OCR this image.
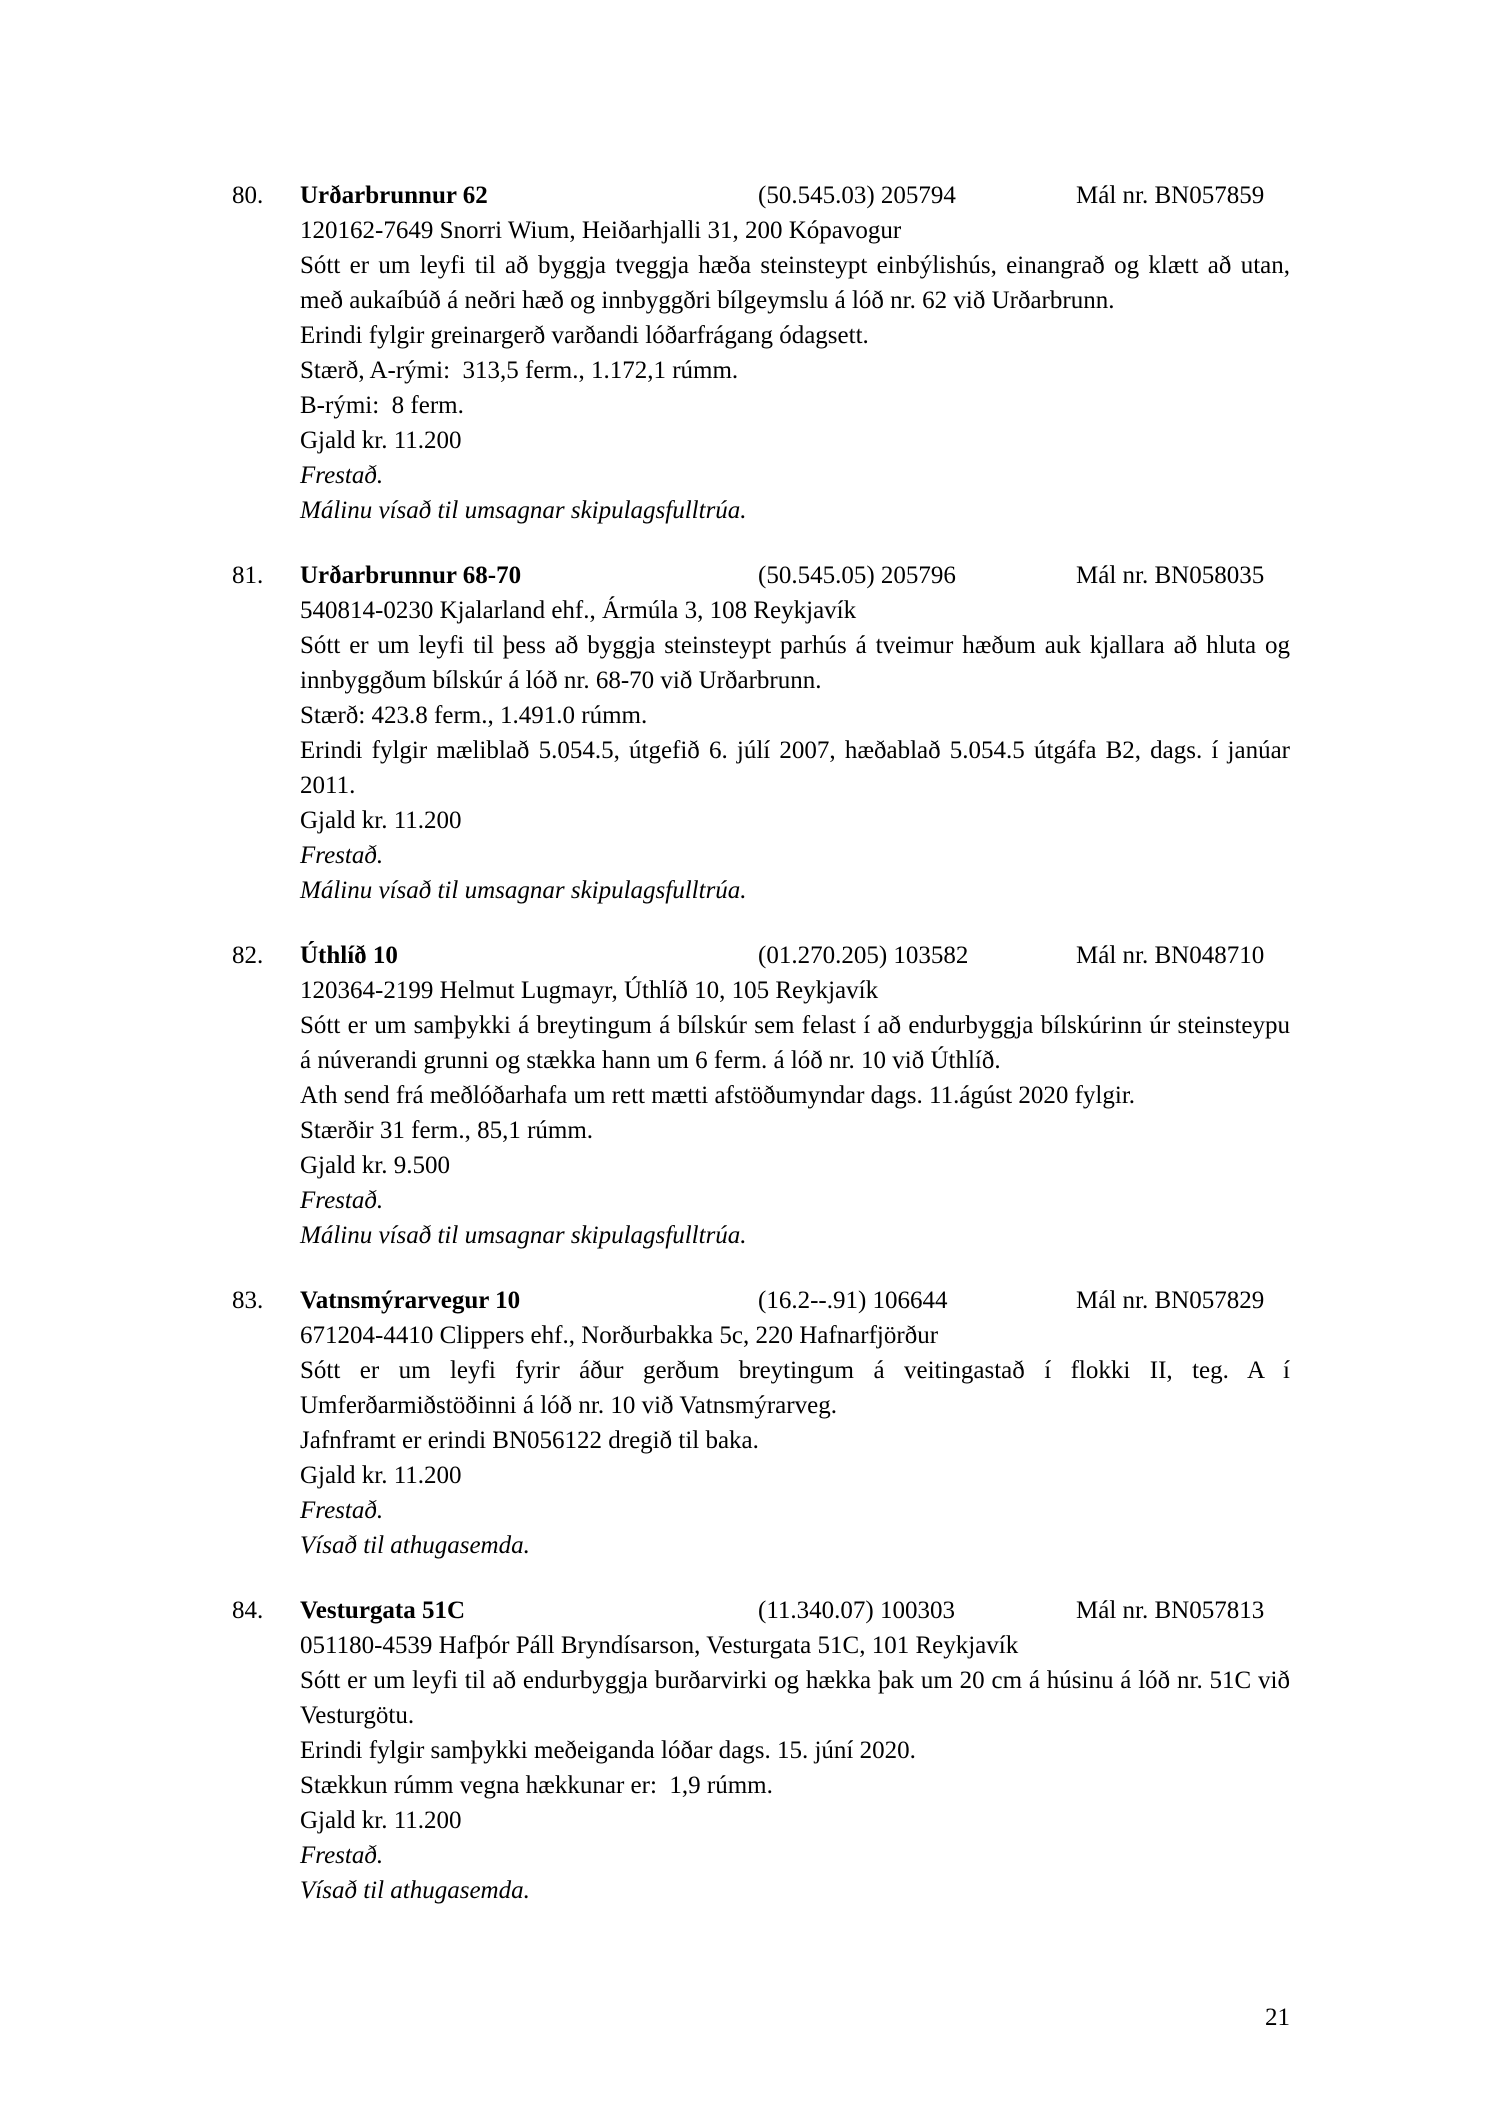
80.	Urðarbrunnur 62	(50.545.03) 205794	Mál nr. BN057859
120162-7649 Snorri Wium, Heiðarhjalli 31, 200 Kópavogur
Sótt er um leyfi til að byggja tveggja hæða steinsteypt einbýlishús, einangrað og klætt að utan, með aukaíbúð á neðri hæð og innbyggðri bílgeymslu á lóð nr. 62 við Urðarbrunn.
Erindi fylgir greinargerð varðandi lóðarfrágang ódagsett.
Stærð, A-rými:  313,5 ferm., 1.172,1 rúmm.
B-rými:  8 ferm.
Gjald kr. 11.200
Frestað.
Málinu vísað til umsagnar skipulagsfulltrúa.
81.	Urðarbrunnur 68-70	(50.545.05) 205796	Mál nr. BN058035
540814-0230 Kjalarland ehf., Ármúla 3, 108 Reykjavík
Sótt er um leyfi til þess að byggja steinsteypt parhús á tveimur hæðum auk kjallara að hluta og innbyggðum bílskúr á lóð nr. 68-70 við Urðarbrunn.
Stærð: 423.8 ferm., 1.491.0 rúmm.
Erindi fylgir mæliblað 5.054.5, útgefið 6. júlí 2007, hæðablað 5.054.5 útgáfa B2, dags. í janúar 2011.
Gjald kr. 11.200
Frestað.
Málinu vísað til umsagnar skipulagsfulltrúa.
82.	Úthlíð 10	(01.270.205) 103582	Mál nr. BN048710
120364-2199 Helmut Lugmayr, Úthlíð 10, 105 Reykjavík
Sótt er um samþykki á breytingum á bílskúr sem felast í að endurbyggja bílskúrinn úr steinsteypu á núverandi grunni og stækka hann um 6 ferm. á lóð nr. 10 við Úthlíð.
Ath send frá meðlóðarhafa um rett mætti afstöðumyndar dags. 11.ágúst 2020 fylgir.
Stærðir 31 ferm., 85,1 rúmm.
Gjald kr. 9.500
Frestað.
Málinu vísað til umsagnar skipulagsfulltrúa.
83.	Vatnsmýrarvegur 10	(16.2--.91) 106644	Mál nr. BN057829
671204-4410 Clippers ehf., Norðurbakka 5c, 220 Hafnarfjörður
Sótt er um leyfi fyrir áður gerðum breytingum á veitingastað í flokki II, teg. A í Umferðarmiðstöðinni á lóð nr. 10 við Vatnsmýrarveg.
Jafnframt er erindi BN056122 dregið til baka.
Gjald kr. 11.200
Frestað.
Vísað til athugasemda.
84.	Vesturgata 51C	(11.340.07) 100303	Mál nr. BN057813
051180-4539 Hafþór Páll Bryndísarson, Vesturgata 51C, 101 Reykjavík
Sótt er um leyfi til að endurbyggja burðarvirki og hækka þak um 20 cm á húsinu á lóð nr. 51C við Vesturgötu.
Erindi fylgir samþykki meðeiganda lóðar dags. 15. júní 2020.
Stækkun rúmm vegna hækkunar er:  1,9 rúmm.
Gjald kr. 11.200
Frestað.
Vísað til athugasemda.
21
